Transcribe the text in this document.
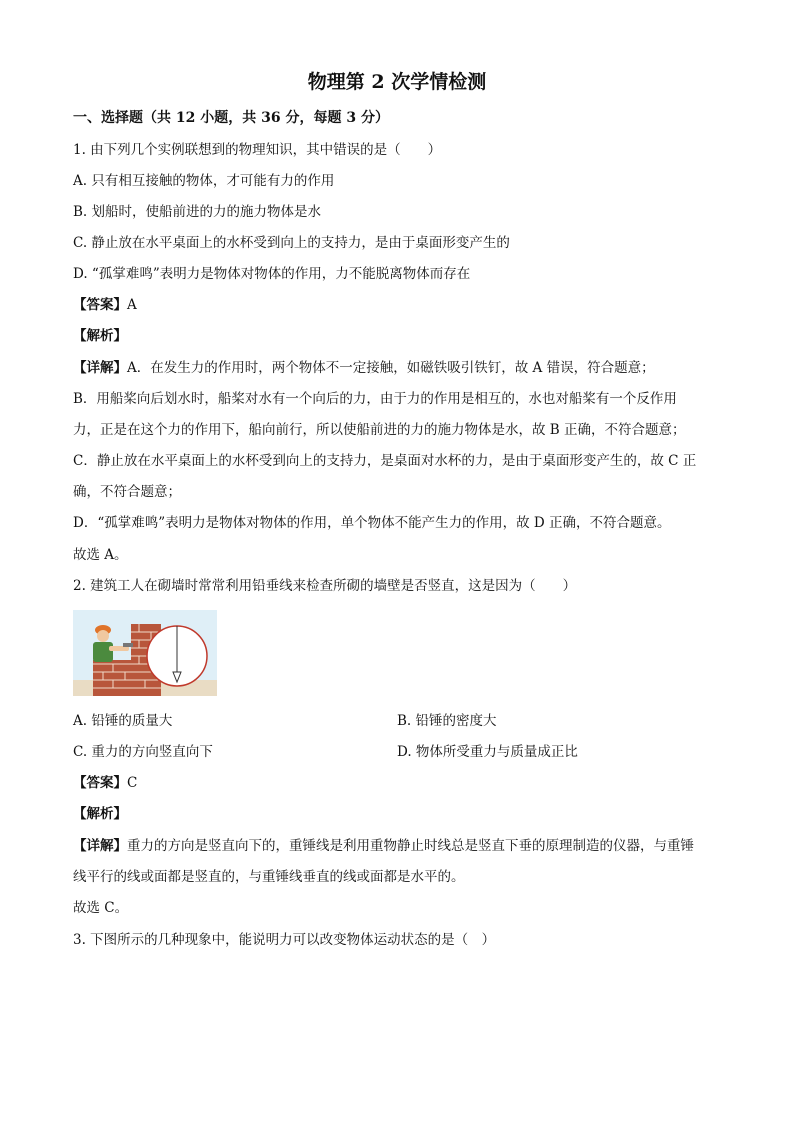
物理第 2 次学情检测
一、选择题（共 12 小题，共 36 分，每题 3 分）
1. 由下列几个实例联想到的物理知识，其中错误的是（　　）
A. 只有相互接触的物体，才可能有力的作用
B. 划船时，使船前进的力的施力物体是水
C. 静止放在水平桌面上的水杯受到向上的支持力，是由于桌面形变产生的
D. “孤掌难鸣”表明力是物体对物体的作用，力不能脱离物体而存在
【答案】A
【解析】
【详解】A．在发生力的作用时，两个物体不一定接触，如磁铁吸引铁钉，故 A 错误，符合题意；
B．用船桨向后划水时，船桨对水有一个向后的力，由于力的作用是相互的，水也对船桨有一个反作用
力，正是在这个力的作用下，船向前行，所以使船前进的力的施力物体是水，故 B 正确，不符合题意；
C．静止放在水平桌面上的水杯受到向上的支持力，是桌面对水杯的力，是由于桌面形变产生的，故 C 正
确，不符合题意；
D．“孤掌难鸣”表明力是物体对物体的作用，单个物体不能产生力的作用，故 D 正确，不符合题意。
故选 A。
2. 建筑工人在砌墙时常常利用铅垂线来检查所砌的墙壁是否竖直，这是因为（　　）
A. 铅锤的质量大	B. 铅锤的密度大
C. 重力的方向竖直向下	D. 物体所受重力与质量成正比
【答案】C
【解析】
【详解】重力的方向是竖直向下的，重锤线是利用重物静止时线总是竖直下垂的原理制造的仪器，与重锤
线平行的线或面都是竖直的，与重锤线垂直的线或面都是水平的。
故选 C。
3. 下图所示的几种现象中，能说明力可以改变物体运动状态的是（　）
